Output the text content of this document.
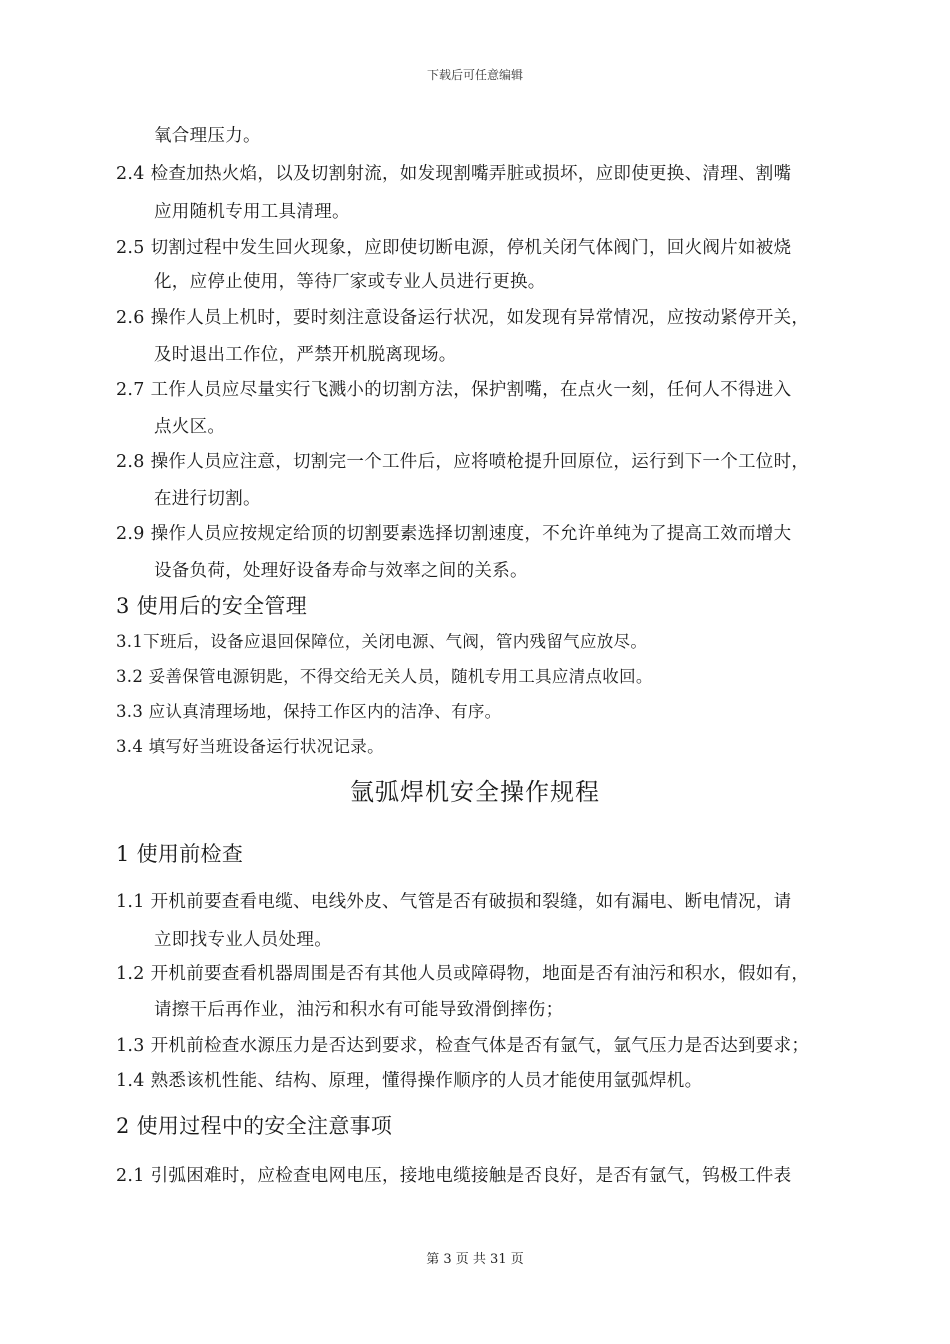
下载后可任意编辑
氧合理压力。
2.4 检查加热火焰，以及切割射流，如发现割嘴弄脏或损坏，应即使更换、清理、割嘴
应用随机专用工具清理。
2.5 切割过程中发生回火现象，应即使切断电源，停机关闭气体阀门，回火阀片如被烧
化，应停止使用，等待厂家或专业人员进行更换。
2.6 操作人员上机时，要时刻注意设备运行状况，如发现有异常情况，应按动紧停开关，
及时退出工作位，严禁开机脱离现场。
2.7 工作人员应尽量实行飞溅小的切割方法，保护割嘴，在点火一刻，任何人不得进入
点火区。
2.8 操作人员应注意，切割完一个工件后，应将喷枪提升回原位，运行到下一个工位时，
在进行切割。
2.9 操作人员应按规定给顶的切割要素选择切割速度，不允许单纯为了提高工效而增大
设备负荷，处理好设备寿命与效率之间的关系。
3 使用后的安全管理
3.1下班后，设备应退回保障位，关闭电源、气阀，管内残留气应放尽。
3.2 妥善保管电源钥匙，不得交给无关人员，随机专用工具应清点收回。
3.3 应认真清理场地，保持工作区内的洁净、有序。
3.4 填写好当班设备运行状况记录。
氩弧焊机安全操作规程
1 使用前检查
1.1 开机前要查看电缆、电线外皮、气管是否有破损和裂缝，如有漏电、断电情况，请
立即找专业人员处理。
1.2 开机前要查看机器周围是否有其他人员或障碍物，地面是否有油污和积水，假如有，
请擦干后再作业，油污和积水有可能导致滑倒摔伤；
1.3 开机前检查水源压力是否达到要求，检查气体是否有氩气，氩气压力是否达到要求；
1.4 熟悉该机性能、结构、原理，懂得操作顺序的人员才能使用氩弧焊机。
2 使用过程中的安全注意事项
2.1 引弧困难时，应检查电网电压，接地电缆接触是否良好，是否有氩气，钨极工件表
第 3 页 共 31 页
